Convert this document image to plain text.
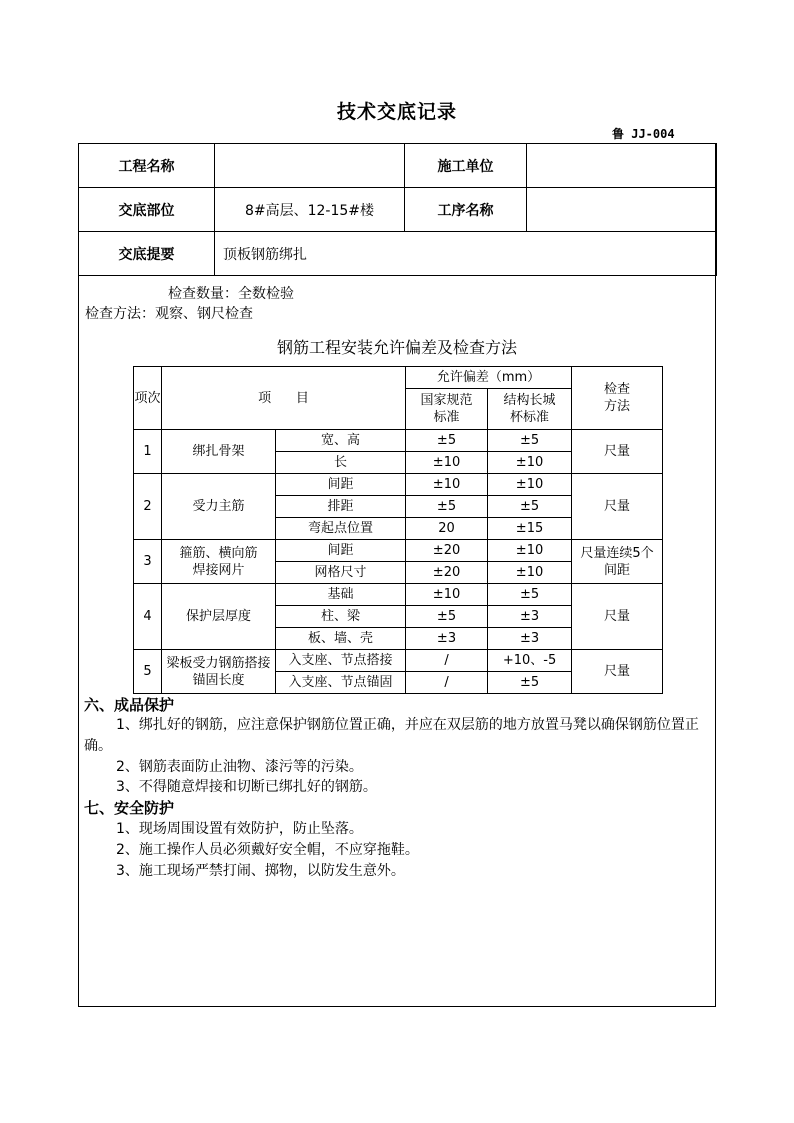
技术交底记录
鲁 JJ-004
工程名称		施工单位	
交底部位	8#高层、12-15#楼	工序名称	
交底提要	顶板钢筋绑扎		
检查数量：全数检验
检查方法：观察、钢尺检查
钢筋工程安装允许偏差及检查方法
项次	项      目		允许偏差（mm）		检查方法
			国家规范标准	结构长城杯标准	
1	绑扎骨架	宽、高	±5	±5	尺量
		长	±10	±10	
2	受力主筋	间距	±10	±10	尺量
		排距	±5	±5	
		弯起点位置	20	±15	
3	箍筋、横向筋焊接网片	间距	±20	±10	尺量连续5个间距
		网格尺寸	±20	±10	
4	保护层厚度	基础	±10	±5	尺量
		柱、梁	±5	±3	
		板、墙、壳	±3	±3	
5	梁板受力钢筋搭接锚固长度	入支座、节点搭接	/	+10、-5	尺量
		入支座、节点锚固	/	±5	
六、成品保护
1、绑扎好的钢筋，应注意保护钢筋位置正确，并应在双层筋的地方放置马凳以确保钢筋位置正确。
2、钢筋表面防止油物、漆污等的污染。
3、不得随意焊接和切断已绑扎好的钢筋。
七、安全防护
1、现场周围设置有效防护，防止坠落。
2、施工操作人员必须戴好安全帽，不应穿拖鞋。
3、施工现场严禁打闹、掷物，以防发生意外。
